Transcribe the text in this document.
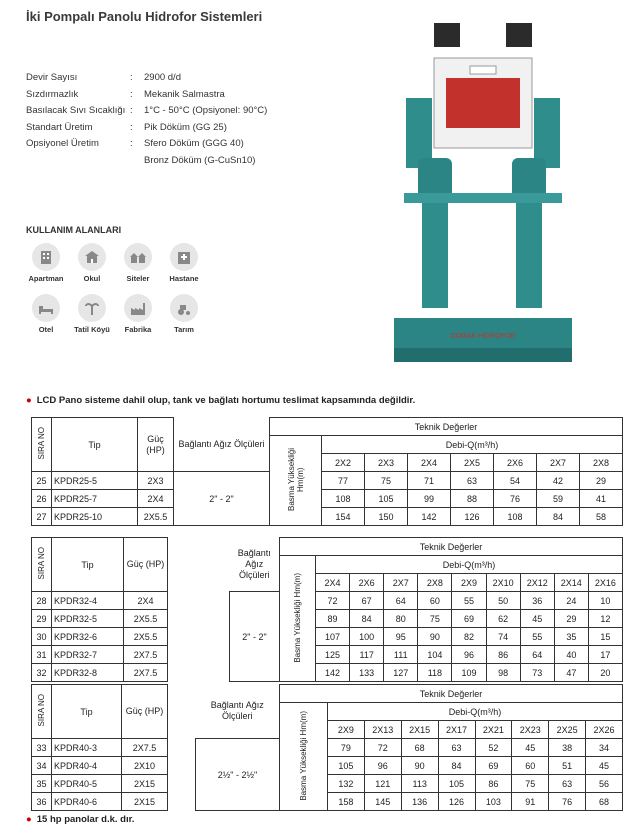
İki Pompalı Panolu Hidrofor Sistemleri
Devir Sayısı	:	2900 d/d
Sızdırmazlık	:	Mekanik Salmastra
Basılacak Sıvı Sıcaklığı :	1°C - 50°C (Opsiyonel: 90°C)
Standart Üretim	:	Pik Döküm (GG 25)
Opsiyonel Üretim	:	Sfero Döküm (GGG 40)
Bronz Döküm (G-CuSn10)
KULLANIM ALANLARI
Apartman	Okul	Siteler	Hastane
Otel	Tatil Köyü	Fabrika	Tarım
DOMAK HİDROFOR
● LCD Pano sisteme dahil olup, tank ve bağlatı hortumu teslimat kapsamında değildir.
SIRA NO	Tip	Güç (HP)	Bağlantı Ağız Ölçüleri	Teknik Değerler							
				Basma Yüksekliği Hm(m)	Debi-Q(m³/h)						
					2X2	2X3	2X4	2X5	2X6	2X7	2X8
25	KPDR25-5	2X3	2" - 2"		77	75	71	63	54	42	29
26	KPDR25-7	2X4			108	105	99	88	76	59	41
27	KPDR25-10	2X5.5			154	150	142	126	108	84	58
SIRA NO	Tip	Güç (HP)		Bağlantı Ağız Ölçüleri	Teknik Değerler									
					Basma Yüksekliği Hm(m)	Debi-Q(m³/h)								
						2X4	2X6	2X7	2X8	2X9	2X10	2X12	2X14	2X16
28	KPDR32-4	2X4		2" - 2"		72	67	64	60	55	50	36	24	10
29	KPDR32-5	2X5.5				89	84	80	75	69	62	45	29	12
30	KPDR32-6	2X5.5				107	100	95	90	82	74	55	35	15
31	KPDR32-7	2X7.5				125	117	111	104	96	86	64	40	17
32	KPDR32-8	2X7.5				142	133	127	118	109	98	73	47	20
SIRA NO	Tip	Güç (HP)		Bağlantı Ağız Ölçüleri	Teknik Değerler								
					Basma Yüksekliği Hm(m)	Debi-Q(m³/h)							
						2X9	2X13	2X15	2X17	2X21	2X23	2X25	2X26
33	KPDR40-3	2X7.5		2½" - 2½"		79	72	68	63	52	45	38	34
34	KPDR40-4	2X10				105	96	90	84	69	60	51	45
35	KPDR40-5	2X15				132	121	113	105	86	75	63	56
36	KPDR40-6	2X15				158	145	136	126	103	91	76	68
● 15 hp panolar d.k. dır.
